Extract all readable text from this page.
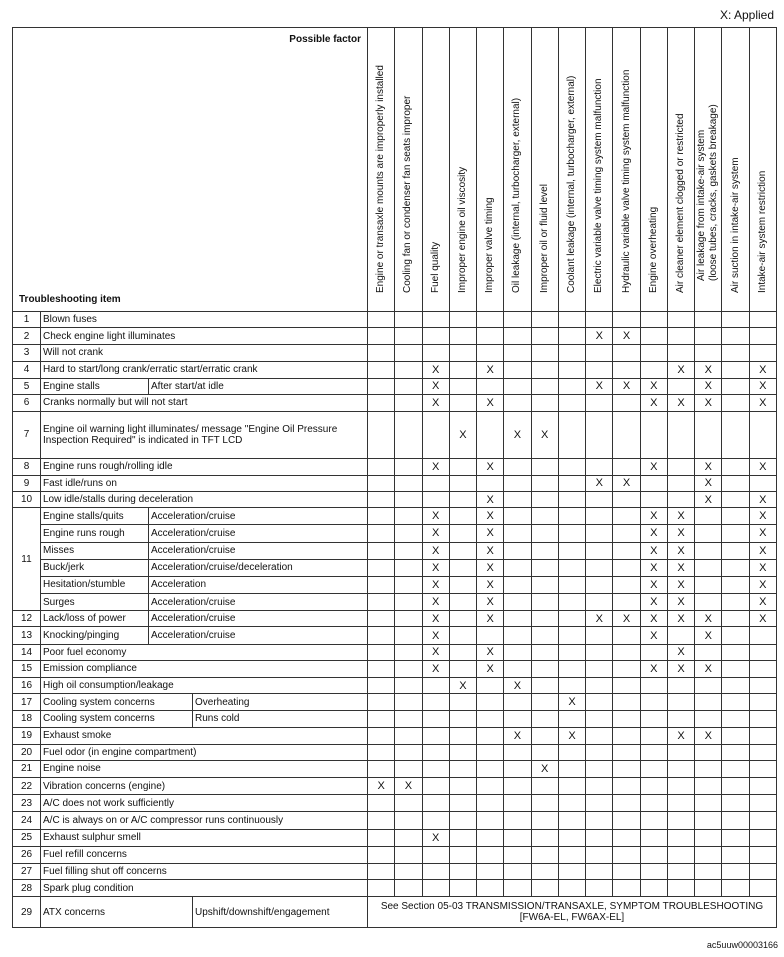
X: Applied
Possible factor
Troubleshooting item				Engine or transaxle mounts are improperly installed	Cooling fan or condenser fan seats improper	Fuel quality	Improper engine oil viscosity	Improper valve timing	Oil leakage (internal, turbocharger, external)	Improper oil or fluid level	Coolant leakage (internal, turbocharger, external)	Electric variable valve timing system malfunction	Hydraulic variable valve timing system malfunction	Engine overheating	Air cleaner element clogged or restricted	Air leakage from intake-air system (loose tubes, cracks, gaskets breakage)	Air suction in intake-air system	Intake-air system restriction

1	Blown fuses																	
2	Check engine light illuminates											X	X					
3	Will not crank																	
4	Hard to start/long crank/erratic start/erratic crank					X		X							X	X		X
5	Engine stalls	After start/at idle				X						X	X	X		X		X
6	Cranks normally but will not start					X		X						X	X	X		X
7	Engine oil warning light illuminates/ message "Engine Oil Pressure Inspection Required" is indicated in TFT LCD						X		X	X								
8	Engine runs rough/rolling idle					X		X						X		X		X
9	Fast idle/runs on											X	X			X		
10	Low idle/stalls during deceleration							X								X		X
11	Engine stalls/quits	Acceleration/cruise				X		X						X	X			X
	Engine runs rough	Acceleration/cruise				X		X						X	X			X
	Misses	Acceleration/cruise				X		X						X	X			X
	Buck/jerk	Acceleration/cruise/deceleration				X		X						X	X			X
	Hesitation/stumble	Acceleration				X		X						X	X			X
	Surges	Acceleration/cruise				X		X						X	X			X
12	Lack/loss of power	Acceleration/cruise				X		X				X	X	X	X	X		X
13	Knocking/pinging	Acceleration/cruise				X								X		X		
14	Poor fuel economy					X		X							X			
15	Emission compliance					X		X						X	X	X		
16	High oil consumption/leakage						X		X									
17	Cooling system concerns		Overheating								X							
18	Cooling system concerns		Runs cold															
19	Exhaust smoke								X		X				X	X		
20	Fuel odor (in engine compartment)																	
21	Engine noise									X								
22	Vibration concerns (engine)			X	X													
23	A/C does not work sufficiently																	
24	A/C is always on or A/C compressor runs continuously																	
25	Exhaust sulphur smell					X												
26	Fuel refill concerns																	
27	Fuel filling shut off concerns																	
28	Spark plug condition																	
29	ATX concerns		Upshift/downshift/engagement	See Section 05-03 TRANSMISSION/TRANSAXLE, SYMPTOM TROUBLESHOOTING [FW6A-EL, FW6AX-EL]														
ac5uuw00003166
